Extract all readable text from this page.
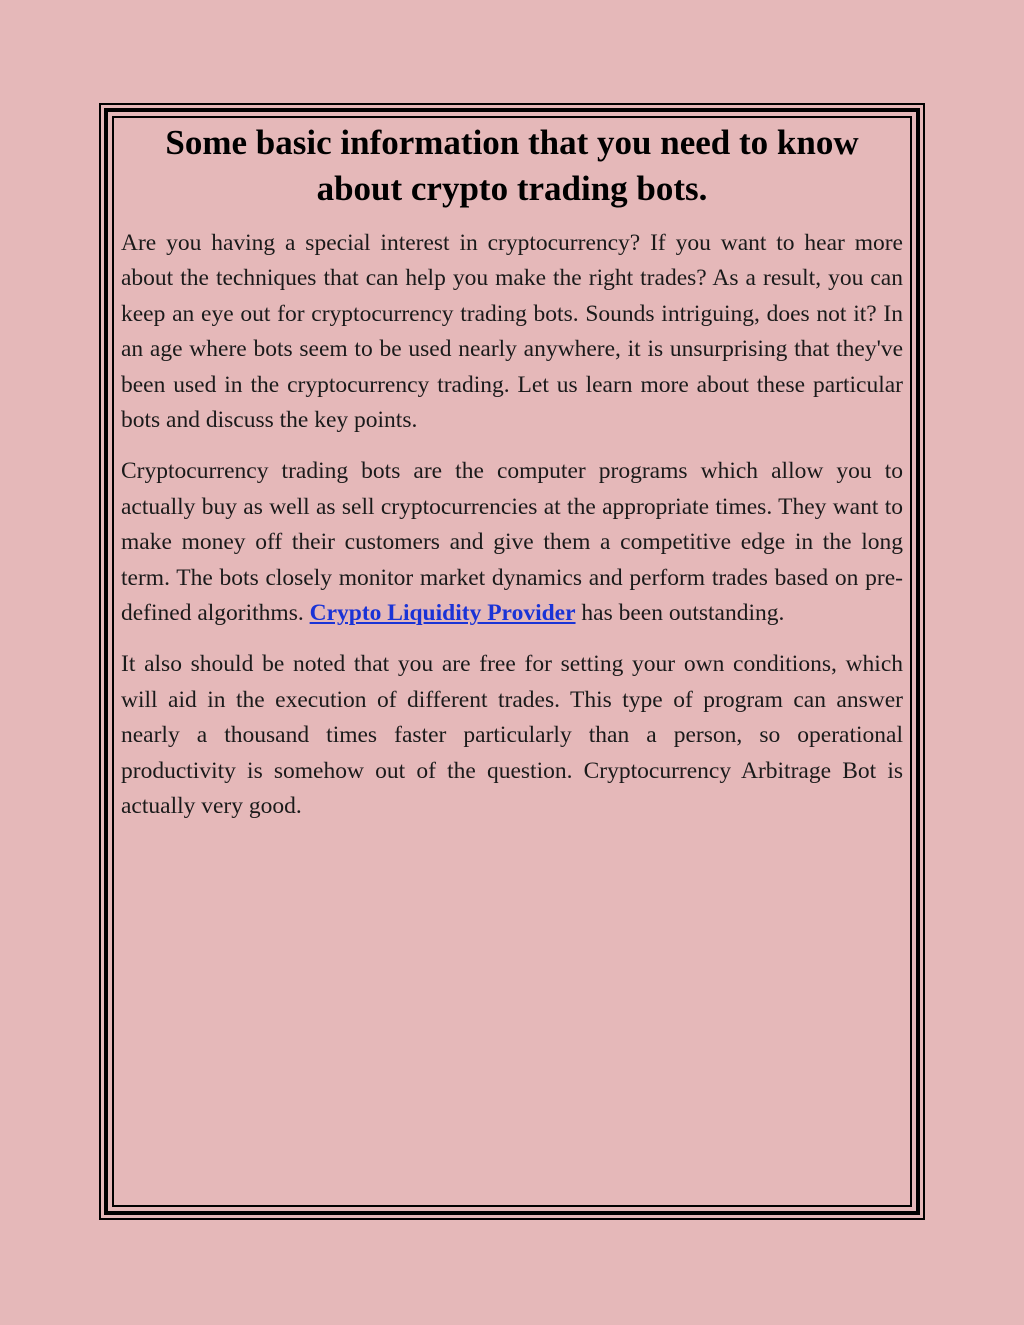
Some basic information that you need to know about crypto trading bots.

Are you having a special interest in cryptocurrency? If you want to hear more about the techniques that can help you make the right trades? As a result, you can keep an eye out for cryptocurrency trading bots. Sounds intriguing, does not it? In an age where bots seem to be used nearly anywhere, it is unsurprising that they've been used in the cryptocurrency trading. Let us learn more about these particular bots and discuss the key points.

Cryptocurrency trading bots are the computer programs which allow you to actually buy as well as sell cryptocurrencies at the appropriate times. They want to make money off their customers and give them a competitive edge in the long term. The bots closely monitor market dynamics and perform trades based on pre-defined algorithms. Crypto Liquidity Provider has been outstanding.

It also should be noted that you are free for setting your own conditions, which will aid in the execution of different trades. This type of program can answer nearly a thousand times faster particularly than a person, so operational productivity is somehow out of the question. Cryptocurrency Arbitrage Bot is actually very good.
